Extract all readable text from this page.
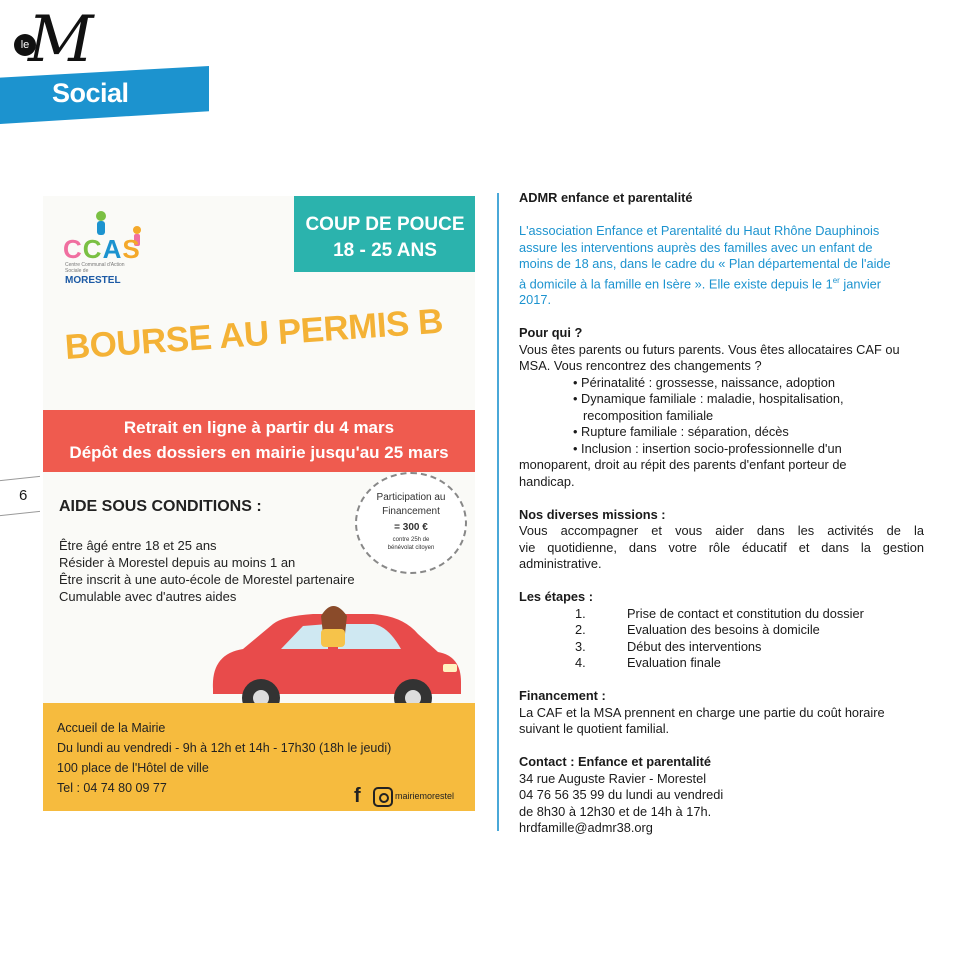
le
M
Social
6
CCAS
Centre Communal d'Action Sociale de
MORESTEL
COUP DE POUCE
18 - 25 ANS
BOURSE AU PERMIS B
Retrait en ligne à partir du 4 mars
Dépôt des dossiers en mairie jusqu'au 25 mars
AIDE SOUS CONDITIONS :
Être âgé entre 18 et 25 ans
Résider à Morestel depuis au moins 1 an
Être inscrit à une auto-école de Morestel partenaire
Cumulable avec d'autres aides
Participation au
Financement
= 300 €
contre 25h de
bénévolat citoyen
Accueil de la Mairie
Du lundi au vendredi - 9h à 12h et 14h - 17h30 (18h le jeudi)
100 place de l'Hôtel de ville
Tel : 04 74 80 09 77	f	mairiemorestel

ADMR enfance et parentalité

L'association Enfance et Parentalité du Haut Rhône Dauphinois

assure les interventions auprès des familles avec un enfant de

moins de 18 ans, dans le cadre du « Plan départemental de l'aide

à domicile à la famille en Isère ». Elle existe depuis le 1er janvier

2017.

Pour qui ?

Vous êtes parents ou futurs parents. Vous êtes allocataires CAF ou

MSA. Vous rencontrez des changements ?

• Périnatalité : grossesse, naissance, adoption

• Dynamique familiale : maladie, hospitalisation,

recomposition familiale

• Rupture familiale : séparation, décès

• Inclusion : insertion socio-professionnelle d'un

monoparent, droit au répit des parents d'enfant porteur de

handicap.

Nos diverses missions :

Vous accompagner et vous aider dans les activités de la

vie quotidienne, dans votre rôle éducatif et dans la gestion

administrative.

Les étapes :

1.	Prise de contact et constitution du dossier
2.	Evaluation des besoins à domicile
3.	Début des interventions
4.	Evaluation finale

Financement :

La CAF et la MSA prennent en charge une partie du coût horaire

suivant le quotient familial.

Contact : Enfance et parentalité

34 rue Auguste Ravier - Morestel

04 76 56 35 99 du lundi au vendredi

de 8h30 à 12h30 et de 14h à 17h.

hrdfamille@admr38.org
